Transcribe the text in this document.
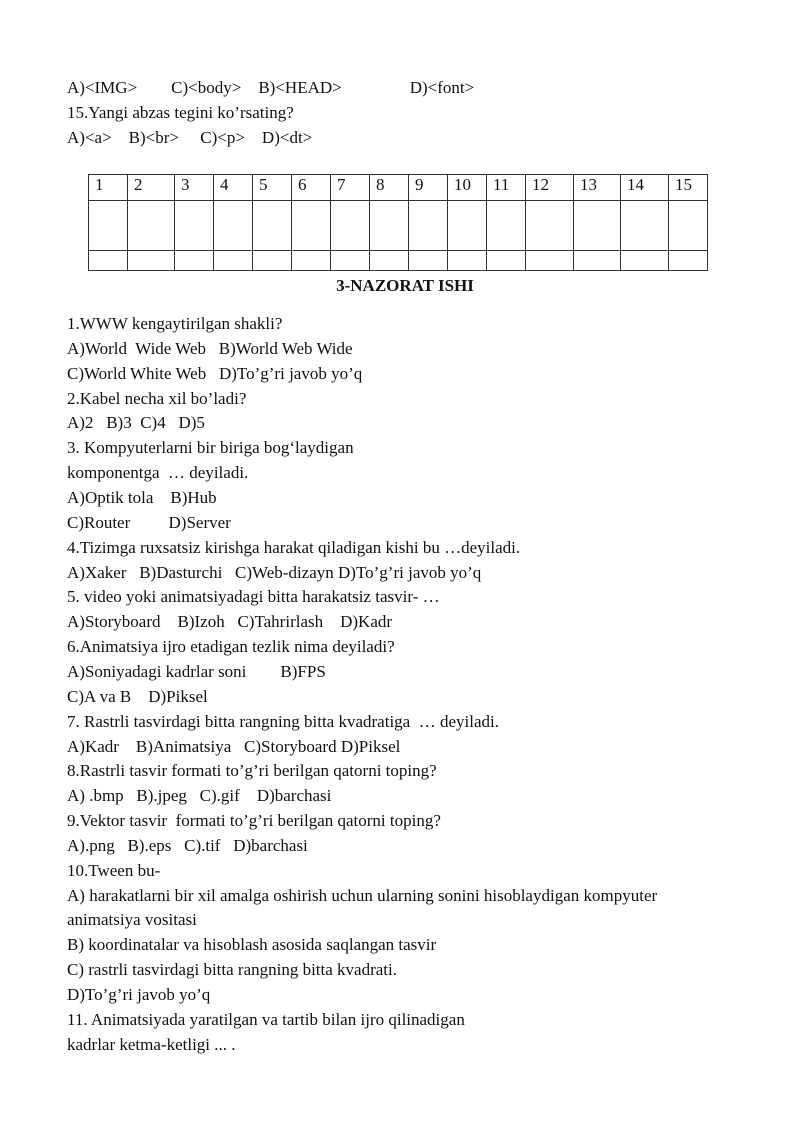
A)<IMG>        C)<body>    B)<HEAD>                D)<font>
15.Yangi abzas tegini ko’rsating?
A)<a>    B)<br>     C)<p>    D)<dt>
1	2	3	4	5	6	7	8	9	10	11	12	13	14	15

3-NAZORAT ISHI
1.WWW kengaytirilgan shakli?
A)World  Wide Web   B)World Web Wide
C)World White Web   D)To’g’ri javob yo’q
2.Kabel necha xil bo’ladi?
A)2   B)3  C)4   D)5
3. Kompyuterlarni bir biriga bog‘laydigan
komponentga  … deyiladi.
A)Optik tola    B)Hub
C)Router         D)Server
4.Tizimga ruxsatsiz kirishga harakat qiladigan kishi bu …deyiladi.
A)Xaker   B)Dasturchi   C)Web-dizayn D)To’g’ri javob yo’q
5. video yoki animatsiyadagi bitta harakatsiz tasvir- …
A)Storyboard    B)Izoh   C)Tahrirlash    D)Kadr
6.Animatsiya ijro etadigan tezlik nima deyiladi?
A)Soniyadagi kadrlar soni        B)FPS
C)A va B    D)Piksel
7. Rastrli tasvirdagi bitta rangning bitta kvadratiga  … deyiladi.
A)Kadr    B)Animatsiya   C)Storyboard D)Piksel
8.Rastrli tasvir formati to’g’ri berilgan qatorni toping?
A) .bmp   B).jpeg   C).gif    D)barchasi
9.Vektor tasvir  formati to’g’ri berilgan qatorni toping?
A).png   B).eps   C).tif   D)barchasi
10.Tween bu-
A) harakatlarni bir xil amalga oshirish uchun ularning sonini hisoblaydigan kompyuter
animatsiya vositasi
B) koordinatalar va hisoblash asosida saqlangan tasvir
C) rastrli tasvirdagi bitta rangning bitta kvadrati.
D)To’g’ri javob yo’q
11. Animatsiyada yaratilgan va tartib bilan ijro qilinadigan
kadrlar ketma-ketligi ... .
